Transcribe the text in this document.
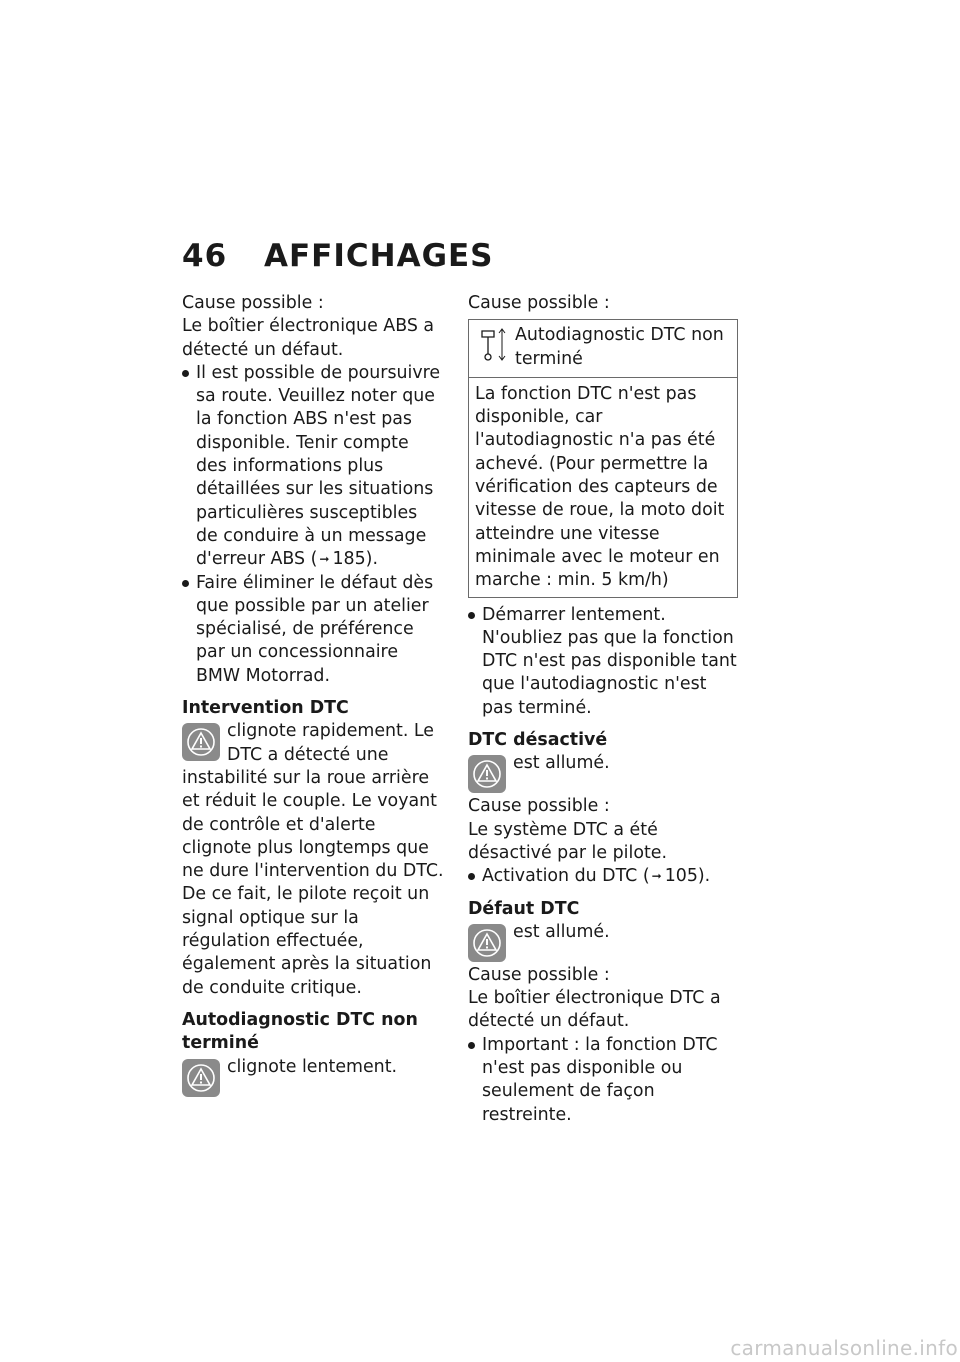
46 AFFICHAGES

Cause possible :

Le boîtier électronique ABS a détecté un défaut.

Il est possible de poursuivre sa route. Veuillez noter que la fonction ABS n'est pas disponible. Tenir compte des informations plus détaillées sur les situations particulières susceptibles de conduire à un message d'erreur ABS ( ➞ 185).
Faire éliminer le défaut dès que possible par un atelier spécialisé, de préférence par un concessionnaire BMW Motorrad.

Intervention DTC

clignote rapidement. Le DTC a détecté une instabilité sur la roue arrière et réduit le couple. Le voyant de contrôle et d'alerte clignote plus longtemps que ne dure l'intervention du DTC. De ce fait, le pilote reçoit un signal optique sur la régulation effectuée, également après la situation de conduite critique.

Autodiagnostic DTC non terminé

clignote lentement.

Cause possible :

Autodiagnostic DTC non terminé
La fonction DTC n'est pas disponible, car l'autodiagnostic n'a pas été achevé. (Pour permettre la vérification des capteurs de vitesse de roue, la moto doit atteindre une vitesse minimale avec le moteur en marche : min. 5 km/h)
Démarrer lentement. N'oubliez pas que la fonction DTC n'est pas disponible tant que l'autodiagnostic n'est pas terminé.

DTC désactivé

est allumé.

Cause possible :

Le système DTC a été désactivé par le pilote.

Activation du DTC ( ➞ 105).

Défaut DTC

est allumé.

Cause possible :

Le boîtier électronique DTC a détecté un défaut.

Important : la fonction DTC n'est pas disponible ou seulement de façon restreinte.
carmanualsonline.info
